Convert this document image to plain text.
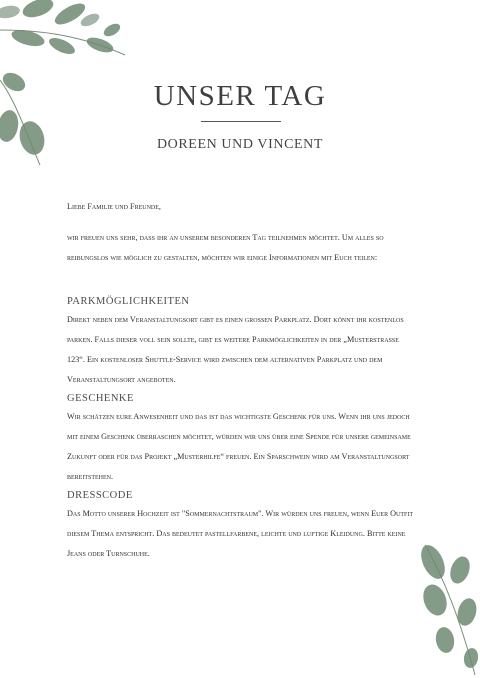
UNSER TAG
DOREEN UND VINCENT

Liebe Familie und Freunde,

wir freuen uns sehr, dass ihr an unserem besonderen Tag teilnehmen möchtet. Um alles so reibungslos wie möglich zu gestalten, möchten wir einige Informationen mit Euch teilen:

PARKMÖGLICHKEITEN

Direkt neben dem Veranstaltungsort gibt es einen grossen Parkplatz. Dort könnt ihr kostenlos parken. Falls dieser voll sein sollte, gibt es weitere Parkmöglichkeiten in der „Musterstrasse 123“. Ein kostenloser Shuttle-Service wird zwischen dem alternativen Parkplatz und dem Veranstaltungsort angeboten.

GESCHENKE

Wir schätzen eure Anwesenheit und das ist das wichtigste Geschenk für uns. Wenn ihr uns jedoch mit einem Geschenk überraschen möchtet, würden wir uns über eine Spende für unsere gemeinsame Zukunft oder für das Projekt „Musterhilfe“ freuen. Ein Sparschwein wird am Veranstaltungsort bereitstehen.

DRESSCODE

Das Motto unserer Hochzeit ist "Sommernachtstraum". Wir würden uns freuen, wenn Euer Outfit diesem Thema entspricht. Das bedeutet pastellfarbene, leichte und luftige Kleidung. Bitte keine Jeans oder Turnschuhe.
